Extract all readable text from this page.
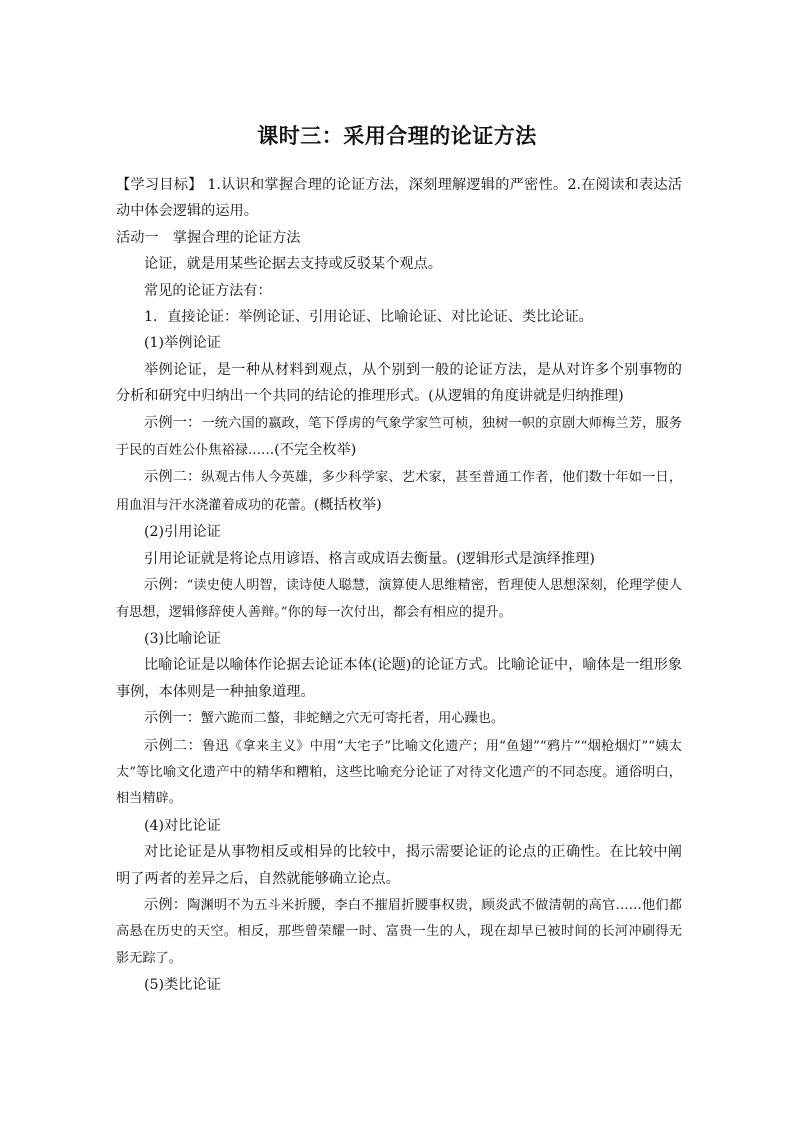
课时三：采用合理的论证方法

【学习目标】 1.认识和掌握合理的论证方法，深刻理解逻辑的严密性。2.在阅读和表达活动中体会逻辑的运用。

活动一　掌握合理的论证方法

论证，就是用某些论据去支持或反驳某个观点。

常见的论证方法有：

1．直接论证：举例论证、引用论证、比喻论证、对比论证、类比论证。

(1)举例论证

举例论证，是一种从材料到观点，从个别到一般的论证方法，是从对许多个别事物的分析和研究中归纳出一个共同的结论的推理形式。(从逻辑的角度讲就是归纳推理)

示例一：一统六国的嬴政，笔下俘虏的气象学家竺可桢，独树一帜的京剧大师梅兰芳，服务于民的百姓公仆焦裕禄……(不完全枚举)

示例二：纵观古伟人今英雄，多少科学家、艺术家，甚至普通工作者，他们数十年如一日，用血泪与汗水浇灌着成功的花蕾。(概括枚举)

(2)引用论证

引用论证就是将论点用谚语、格言或成语去衡量。(逻辑形式是演绎推理)

示例：“读史使人明智，读诗使人聪慧，演算使人思维精密，哲理使人思想深刻，伦理学使人有思想，逻辑修辞使人善辩。”你的每一次付出，都会有相应的提升。

(3)比喻论证

比喻论证是以喻体作论据去论证本体(论题)的论证方式。比喻论证中，喻体是一组形象事例，本体则是一种抽象道理。

示例一：蟹六跪而二螯，非蛇鳝之穴无可寄托者，用心躁也。

示例二：鲁迅《拿来主义》中用“大宅子”比喻文化遗产；用“鱼翅”“鸦片”“烟枪烟灯”“姨太太”等比喻文化遗产中的精华和糟粕，这些比喻充分论证了对待文化遗产的不同态度。通俗明白，相当精辟。

(4)对比论证

对比论证是从事物相反或相异的比较中，揭示需要论证的论点的正确性。在比较中阐明了两者的差异之后，自然就能够确立论点。

示例：陶渊明不为五斗米折腰，李白不摧眉折腰事权贵，顾炎武不做清朝的高官……他们都高悬在历史的天空。相反，那些曾荣耀一时、富贵一生的人，现在却早已被时间的长河冲刷得无影无踪了。

(5)类比论证
